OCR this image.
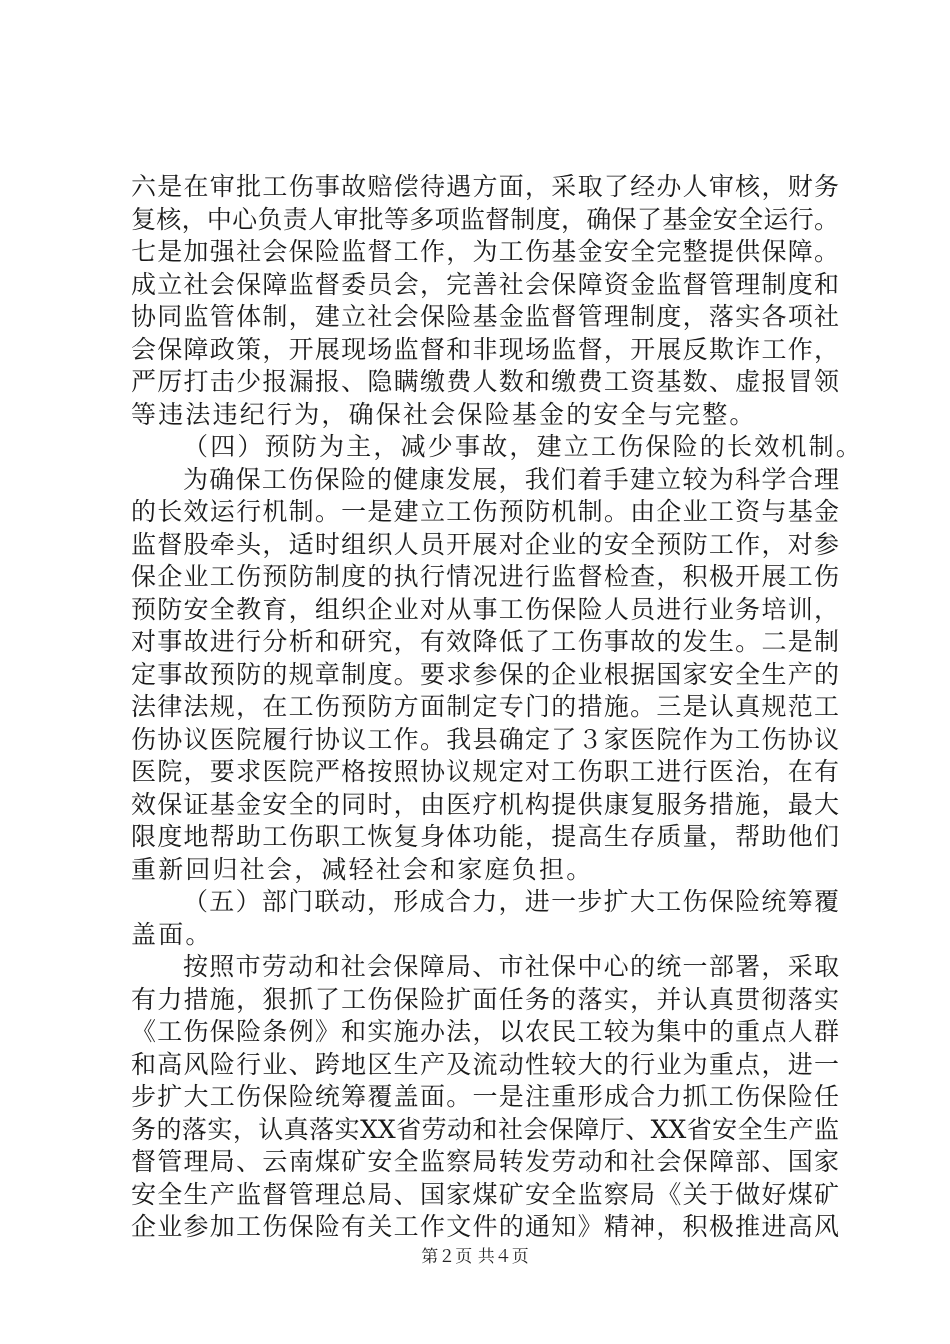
六是在审批工伤事故赔偿待遇方面，采取了经办人审核，财务
复核，中心负责人审批等多项监督制度，确保了基金安全运行。
七是加强社会保险监督工作，为工伤基金安全完整提供保障。
成立社会保障监督委员会，完善社会保障资金监督管理制度和
协同监管体制，建立社会保险基金监督管理制度，落实各项社
会保障政策，开展现场监督和非现场监督，开展反欺诈工作，
严厉打击少报漏报、隐瞒缴费人数和缴费工资基数、虚报冒领
等违法违纪行为，确保社会保险基金的安全与完整。
（四）预防为主，减少事故，建立工伤保险的长效机制。
为确保工伤保险的健康发展，我们着手建立较为科学合理
的长效运行机制。一是建立工伤预防机制。由企业工资与基金
监督股牵头，适时组织人员开展对企业的安全预防工作，对参
保企业工伤预防制度的执行情况进行监督检查，积极开展工伤
预防安全教育，组织企业对从事工伤保险人员进行业务培训，
对事故进行分析和研究，有效降低了工伤事故的发生。二是制
定事故预防的规章制度。要求参保的企业根据国家安全生产的
法律法规，在工伤预防方面制定专门的措施。三是认真规范工
伤协议医院履行协议工作。我县确定了３家医院作为工伤协议
医院，要求医院严格按照协议规定对工伤职工进行医治，在有
效保证基金安全的同时，由医疗机构提供康复服务措施，最大
限度地帮助工伤职工恢复身体功能，提高生存质量，帮助他们
重新回归社会，减轻社会和家庭负担。
（五）部门联动，形成合力，进一步扩大工伤保险统筹覆
盖面。
按照市劳动和社会保障局、市社保中心的统一部署，采取
有力措施，狠抓了工伤保险扩面任务的落实，并认真贯彻落实
《工伤保险条例》和实施办法，以农民工较为集中的重点人群
和高风险行业、跨地区生产及流动性较大的行业为重点，进一
步扩大工伤保险统筹覆盖面。一是注重形成合力抓工伤保险任
务的落实，认真落实XX省劳动和社会保障厅、XX省安全生产监
督管理局、云南煤矿安全监察局转发劳动和社会保障部、国家
安全生产监督管理总局、国家煤矿安全监察局《关于做好煤矿
企业参加工伤保险有关工作文件的通知》精神，积极推进高风
第２页 共４页
